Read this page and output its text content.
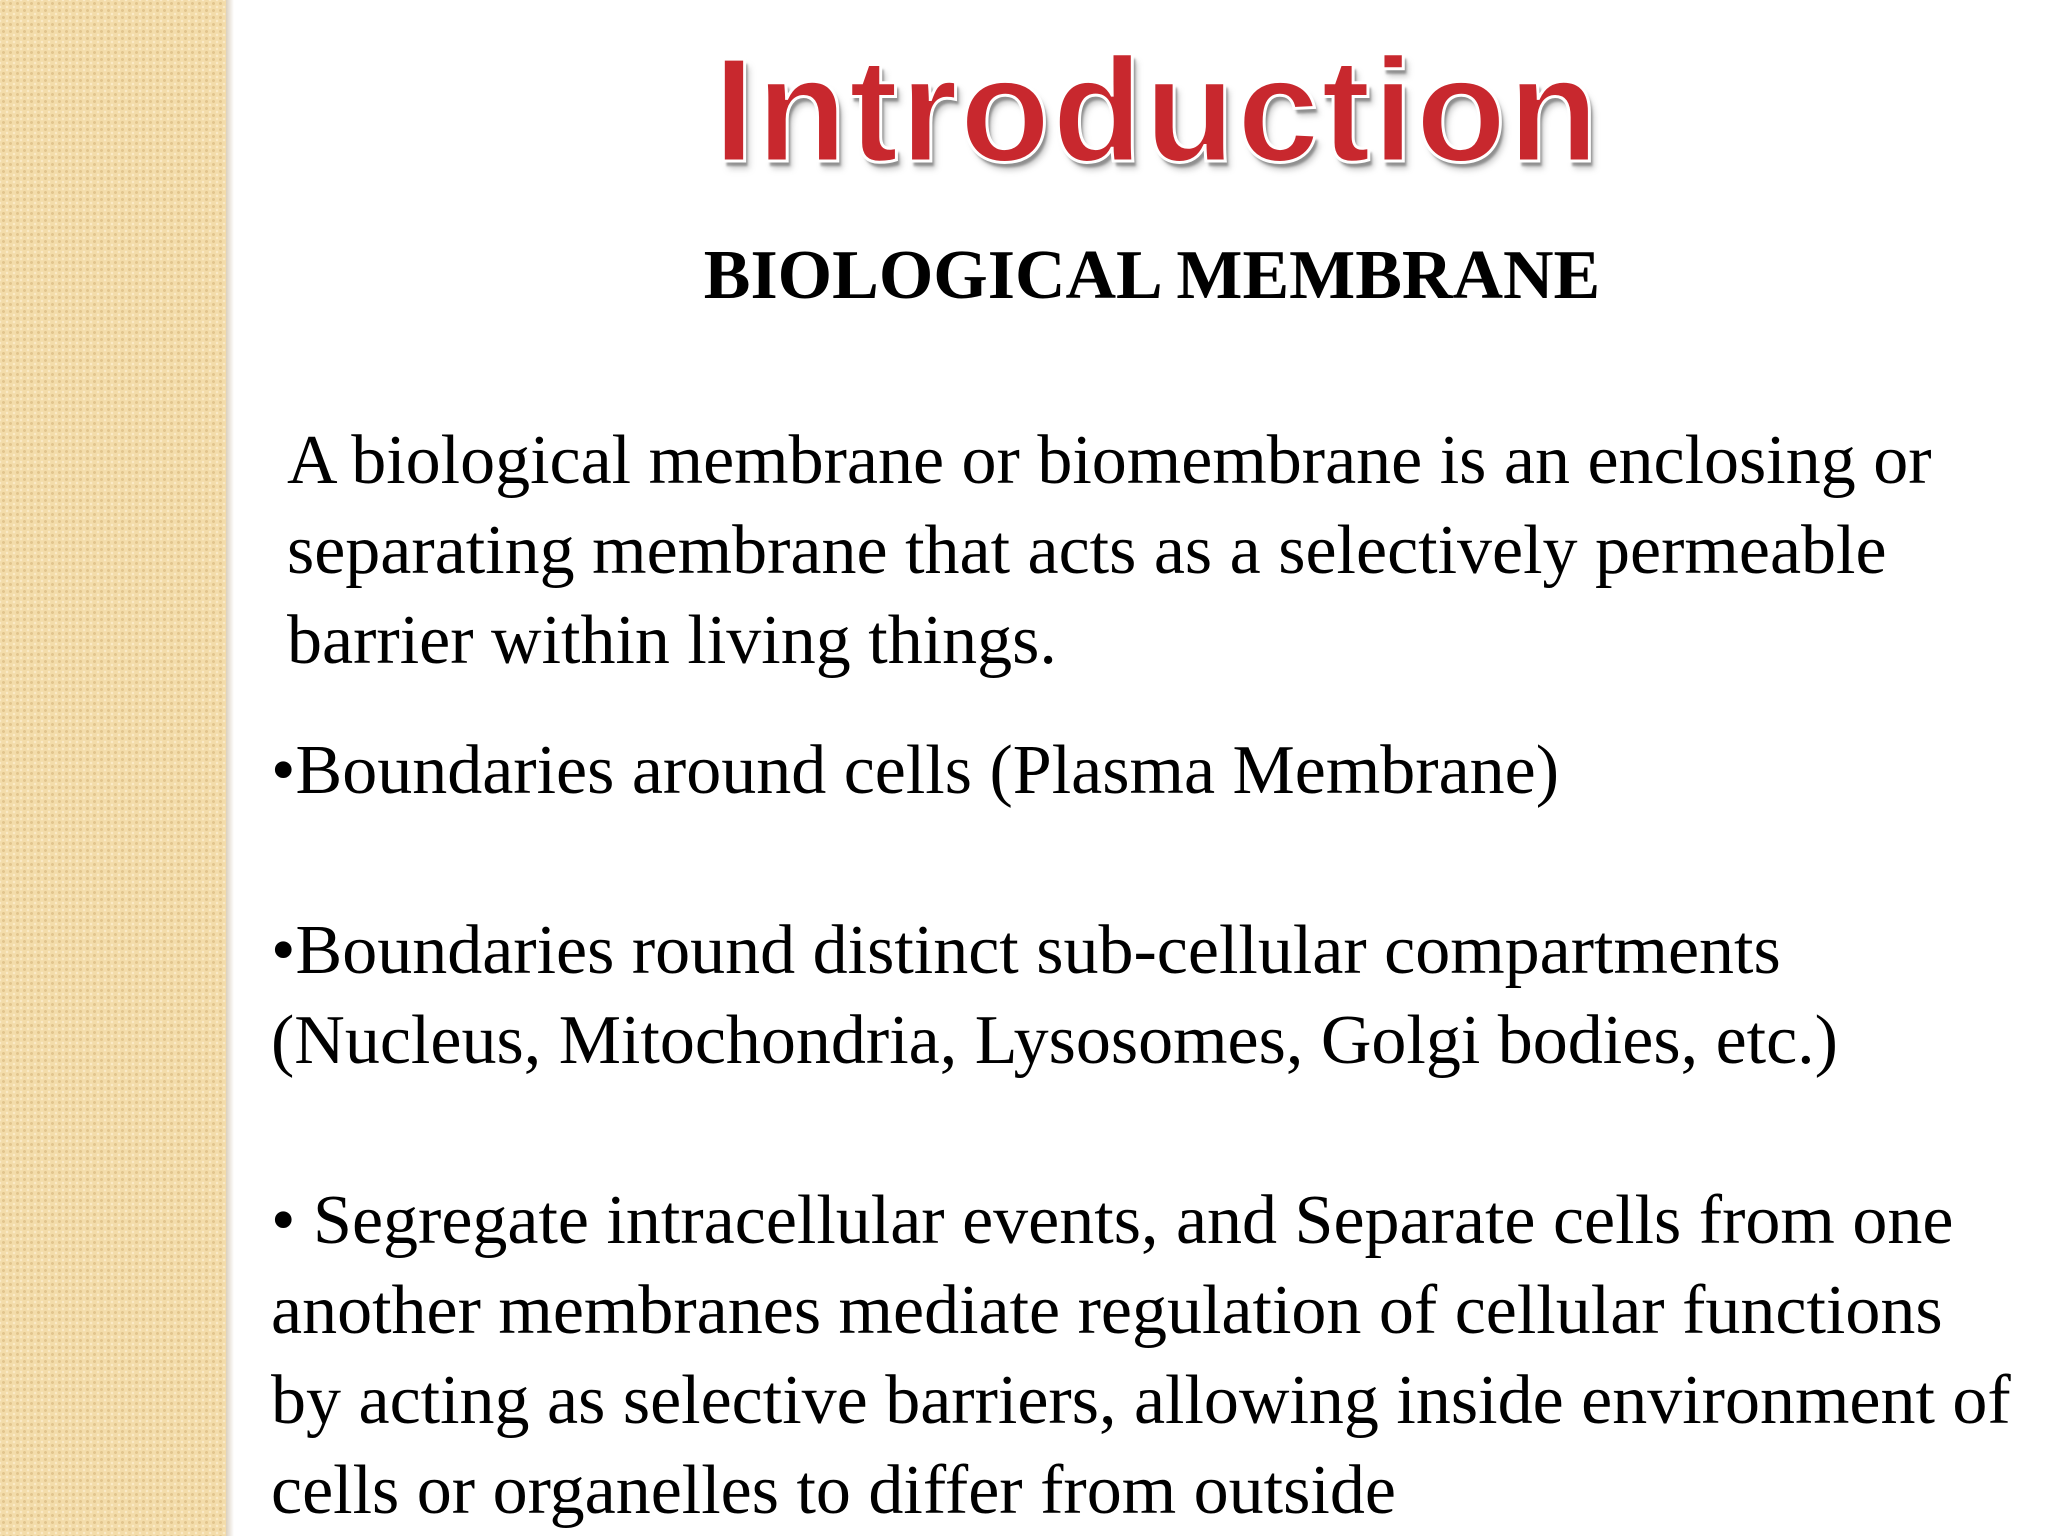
Introduction
BIOLOGICAL MEMBRANE

A biological membrane or biomembrane is an enclosing or separating membrane that acts as a selectively permeable barrier within living things.

•Boundaries around cells (Plasma Membrane)
•Boundaries round distinct sub-cellular compartments (Nucleus, Mitochondria, Lysosomes, Golgi bodies, etc.)
• Segregate intracellular events, and Separate cells from one another membranes mediate regulation of cellular functions by acting as selective barriers, allowing inside environment of cells or organelles to differ from outside
